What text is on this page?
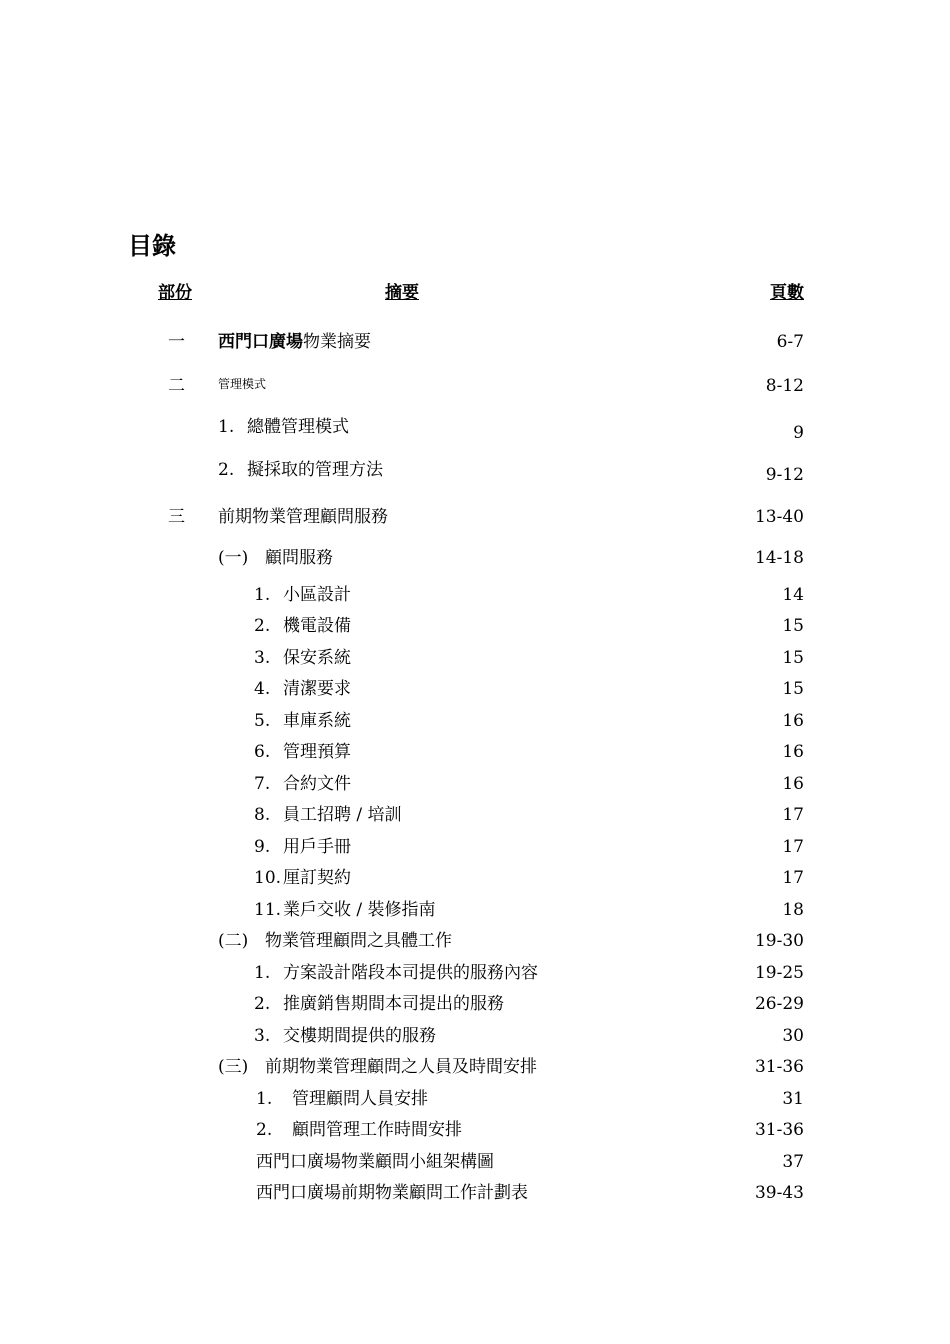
目錄
部份	摘要	頁數
一 西門口廣場物業摘要	6-7
二	管理模式	8-12
1. 總體管理模式	9
2. 擬採取的管理方法	9-12
三 前期物業管理顧問服務	13-40
(一) 顧問服務	14-18
1. 小區設計	14
2. 機電設備	15
3. 保安系統	15
4. 清潔要求	15
5. 車庫系統	16
6. 管理預算	16
7. 合約文件	16
8. 員工招聘 / 培訓	17
9. 用戶手冊	17
10. 厘訂契約	17
11. 業戶交收 / 裝修指南	18
(二) 物業管理顧問之具體工作	19-30
1. 方案設計階段本司提供的服務內容	19-25
2. 推廣銷售期間本司提出的服務	26-29
3. 交樓期間提供的服務	30
(三) 前期物業管理顧問之人員及時間安排	31-36
1. 管理顧問人員安排	31
2. 顧問管理工作時間安排	31-36
西門口廣場物業顧問小組架構圖	37
西門口廣場前期物業顧問工作計劃表	39-43
